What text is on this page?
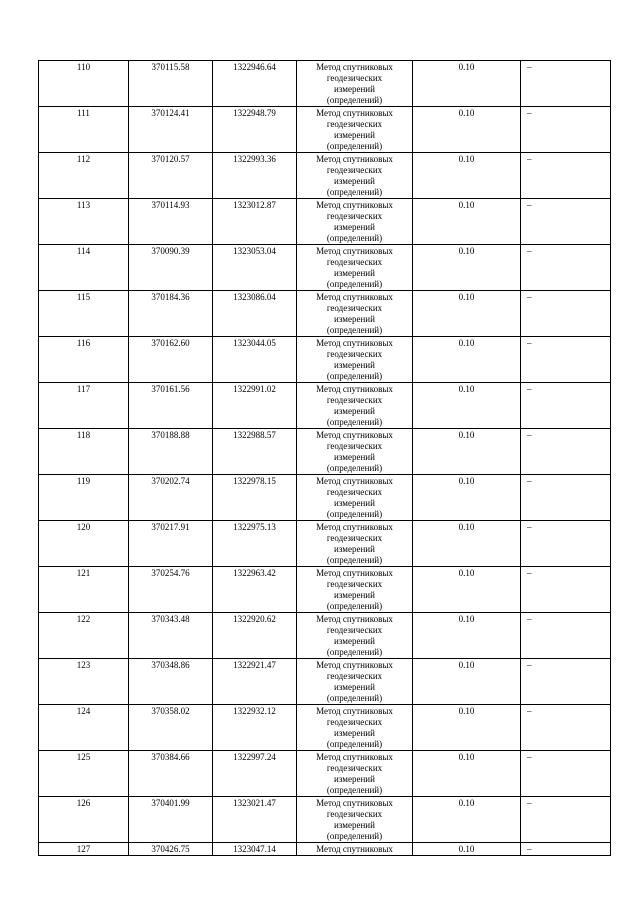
110	370115.58	1322946.64	Метод спутниковых
геодезических
измерений
(определений)	0.10	–
111	370124.41	1322948.79	Метод спутниковых
геодезических
измерений
(определений)	0.10	–
112	370120.57	1322993.36	Метод спутниковых
геодезических
измерений
(определений)	0.10	–
113	370114.93	1323012.87	Метод спутниковых
геодезических
измерений
(определений)	0.10	–
114	370090.39	1323053.04	Метод спутниковых
геодезических
измерений
(определений)	0.10	–
115	370184.36	1323086.04	Метод спутниковых
геодезических
измерений
(определений)	0.10	–
116	370162.60	1323044.05	Метод спутниковых
геодезических
измерений
(определений)	0.10	–
117	370161.56	1322991.02	Метод спутниковых
геодезических
измерений
(определений)	0.10	–
118	370188.88	1322988.57	Метод спутниковых
геодезических
измерений
(определений)	0.10	–
119	370202.74	1322978.15	Метод спутниковых
геодезических
измерений
(определений)	0.10	–
120	370217.91	1322975.13	Метод спутниковых
геодезических
измерений
(определений)	0.10	–
121	370254.76	1322963.42	Метод спутниковых
геодезических
измерений
(определений)	0.10	–
122	370343.48	1322920.62	Метод спутниковых
геодезических
измерений
(определений)	0.10	–
123	370348.86	1322921.47	Метод спутниковых
геодезических
измерений
(определений)	0.10	–
124	370358.02	1322932.12	Метод спутниковых
геодезических
измерений
(определений)	0.10	–
125	370384.66	1322997.24	Метод спутниковых
геодезических
измерений
(определений)	0.10	–
126	370401.99	1323021.47	Метод спутниковых
геодезических
измерений
(определений)	0.10	–
127	370426.75	1323047.14	Метод спутниковых	0.10	–
